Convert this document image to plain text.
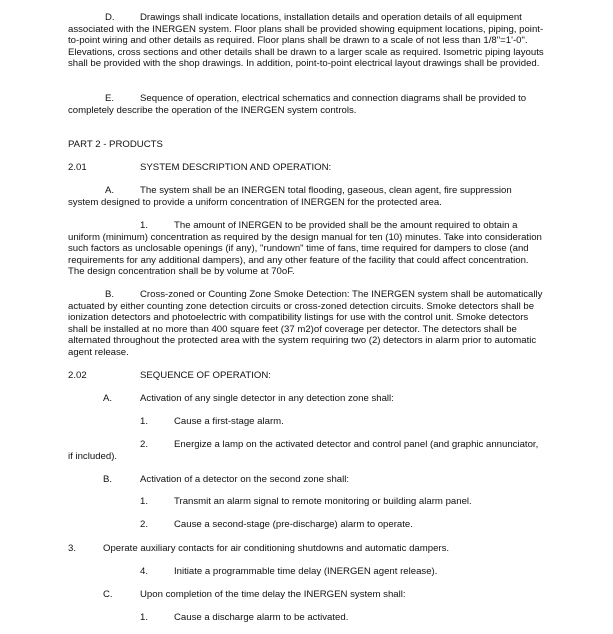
D.	Drawings shall indicate locations, installation details and operation details of all equipment associated with the INERGEN system. Floor plans shall be provided showing equipment locations, piping, point-to-point wiring and other details as required. Floor plans shall be drawn to a scale of not less than 1/8"=1'-0". Elevations, cross sections and other details shall be drawn to a larger scale as required. Isometric piping layouts shall be provided with the shop drawings. In addition, point-to-point electrical layout drawings shall be provided.

E.	Sequence of operation, electrical schematics and connection diagrams shall be provided to completely describe the operation of the INERGEN system controls.

PART 2 - PRODUCTS

2.01	SYSTEM DESCRIPTION AND OPERATION:

A.	The system shall be an INERGEN total flooding, gaseous, clean agent, fire suppression system designed to provide a uniform concentration of INERGEN for the protected area.

1.	The amount of INERGEN to be provided shall be the amount required to obtain a uniform (minimum) concentration as required by the design manual for ten (10) minutes. Take into consideration such factors as unclosable openings (if any), "rundown" time of fans, time required for dampers to close (and requirements for any additional dampers), and any other feature of the facility that could affect concentration. The design concentration shall be by volume at 70oF.

B.	Cross-zoned or Counting Zone Smoke Detection: The INERGEN system shall be automatically actuated by either counting zone detection circuits or cross-zoned detection circuits. Smoke detectors shall be ionization detectors and photoelectric with compatibility listings for use with the control unit. Smoke detectors shall be installed at no more than 400 square feet (37 m2)of coverage per detector. The detectors shall be alternated throughout the protected area with the system requiring two (2) detectors in alarm prior to automatic agent release.

2.02	SEQUENCE OF OPERATION:

A.	Activation of any single detector in any detection zone shall:

1.	Cause a first-stage alarm.

2.	Energize a lamp on the activated detector and control panel (and graphic annunciator, if included).

B.	Activation of a detector on the second zone shall:

1.	Transmit an alarm signal to remote monitoring or building alarm panel.

2.	Cause a second-stage (pre-discharge) alarm to operate.

3.	Operate auxiliary contacts for air conditioning shutdowns and automatic dampers.

4.	Initiate a programmable time delay (INERGEN agent release).

C.	Upon completion of the time delay the INERGEN system shall:

1.	Cause a discharge alarm to be activated.
